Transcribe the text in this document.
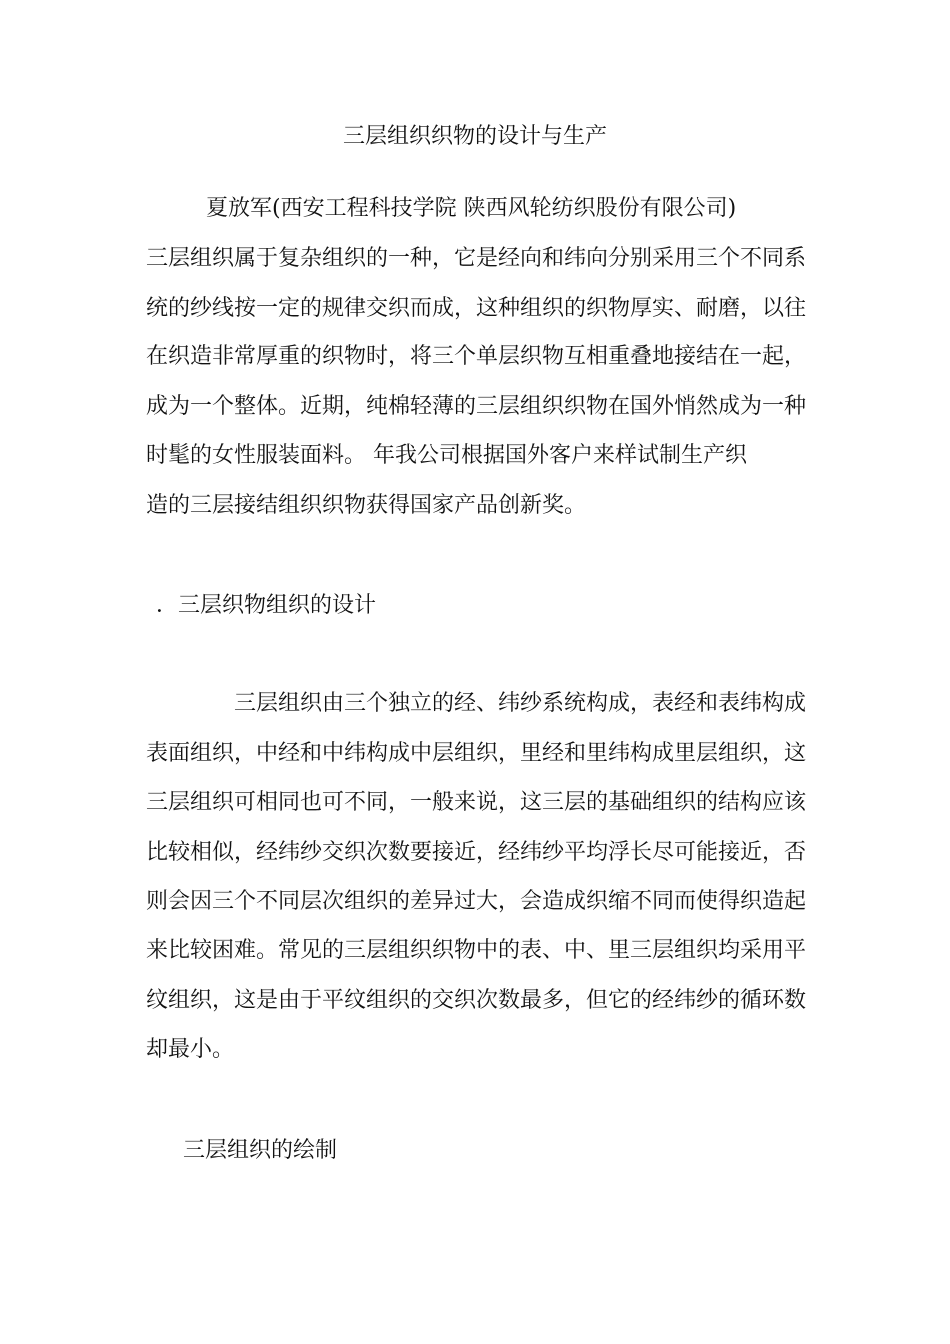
三层组织织物的设计与生产
夏放军(西安工程科技学院 陕西风轮纺织股份有限公司)
三层组织属于复杂组织的一种，它是经向和纬向分别采用三个不同系
统的纱线按一定的规律交织而成，这种组织的织物厚实、耐磨，以往
在织造非常厚重的织物时，将三个单层织物互相重叠地接结在一起，
成为一个整体。近期，纯棉轻薄的三层组织织物在国外悄然成为一种
时髦的女性服装面料。 年我公司根据国外客户来样试制生产织
造的三层接结组织织物获得国家产品创新奖。
．三层织物组织的设计
三层组织由三个独立的经、纬纱系统构成，表经和表纬构成
表面组织，中经和中纬构成中层组织，里经和里纬构成里层组织，这
三层组织可相同也可不同，一般来说，这三层的基础组织的结构应该
比较相似，经纬纱交织次数要接近，经纬纱平均浮长尽可能接近，否
则会因三个不同层次组织的差异过大，会造成织缩不同而使得织造起
来比较困难。常见的三层组织织物中的表、中、里三层组织均采用平
纹组织，这是由于平纹组织的交织次数最多，但它的经纬纱的循环数
却最小。
三层组织的绘制
